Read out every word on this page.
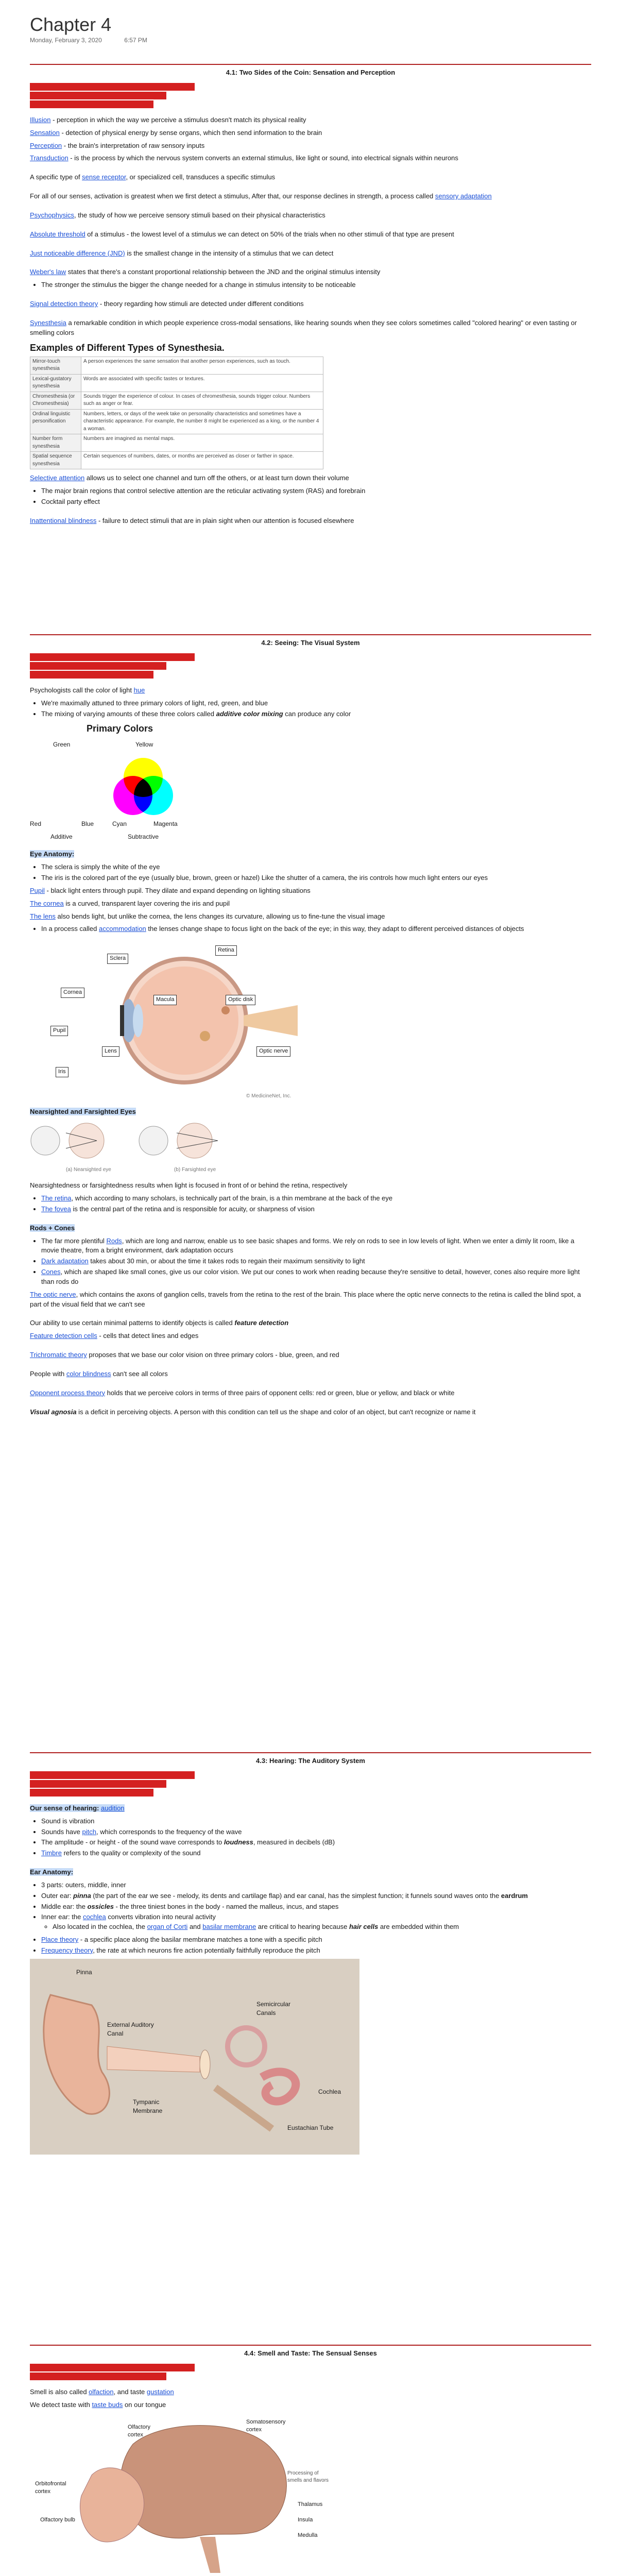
Chapter 4
Monday, February 3, 2020	6:57 PM
4.1: Two Sides of the Coin: Sensation and Perception

Illusion - perception in which the way we perceive a stimulus doesn't match its physical reality

Sensation - detection of physical energy by sense organs, which then send information to the brain

Perception - the brain's interpretation of raw sensory inputs

Transduction - is the process by which the nervous system converts an external stimulus, like light or sound, into electrical signals within neurons

A specific type of sense receptor, or specialized cell, transduces a specific stimulus

For all of our senses, activation is greatest when we first detect a stimulus, After that, our response declines in strength, a process called sensory adaptation

Psychophysics, the study of how we perceive sensory stimuli based on their physical characteristics

Absolute threshold of a stimulus - the lowest level of a stimulus we can detect on 50% of the trials when no other stimuli of that type are present

Just noticeable difference (JND) is the smallest change in the intensity of a stimulus that we can detect

Weber's law states that there's a constant proportional relationship between the JND and the original stimulus intensity

• The stronger the stimulus the bigger the change needed for a change in stimulus intensity to be noticeable

Signal detection theory - theory regarding how stimuli are detected under different conditions

Synesthesia a remarkable condition in which people experience cross-modal sensations, like hearing sounds when they see colors sometimes called "colored hearing" or even tasting or smelling colors

Examples of Different Types of Synesthesia.
Mirror-touch synesthesia	A person experiences the same sensation that another person experiences, such as touch.
Lexical-gustatory synesthesia	Words are associated with specific tastes or textures.
Chromesthesia (or Chromesthesia)	Sounds trigger the experience of colour. In cases of chromesthesia, sounds trigger colour. Numbers such as anger or fear.
Ordinal linguistic personification	Numbers, letters, or days of the week take on personality characteristics and sometimes have a characteristic appearance. For example, the number 8 might be experienced as a king, or the number 4 a woman.
Number form synesthesia	Numbers are imagined as mental maps.
Spatial sequence synesthesia	Certain sequences of numbers, dates, or months are perceived as closer or farther in space.

Selective attention allows us to select one channel and turn off the others, or at least turn down their volume

• The major brain regions that control selective attention are the reticular activating system (RAS) and forebrain
• Cocktail party effect

Inattentional blindness - failure to detect stimuli that are in plain sight when our attention is focused elsewhere

4.2: Seeing: The Visual System

Psychologists call the color of light hue

• We're maximally attuned to three primary colors of light, red, green, and blue
• The mixing of varying amounts of these three colors called additive color mixing can produce any color
Primary Colors
Green	Yellow
Red	Blue	Cyan	Magenta
Additive	Subtractive

Eye Anatomy:

• The sclera is simply the white of the eye
• The iris is the colored part of the eye (usually blue, brown, green or hazel) Like the shutter of a camera, the iris controls how much light enters our eyes

Pupil - black light enters through pupil. They dilate and expand depending on lighting situations

The cornea is a curved, transparent layer covering the iris and pupil

The lens also bends light, but unlike the cornea, the lens changes its curvature, allowing us to fine-tune the visual image

• In a process called accommodation the lenses change shape to focus light on the back of the eye; in this way, they adapt to different perceived distances of objects
Sclera
Retina
Cornea
Macula	Optic disk
Pupil
Lens	Optic nerve
Iris
© MedicineNet, Inc.

Nearsighted and Farsighted Eyes

(a) Nearsighted eye	(b) Farsighted eye

Nearsightedness or farsightedness results when light is focused in front of or behind the retina, respectively

• The retina, which according to many scholars, is technically part of the brain, is a thin membrane at the back of the eye
• The fovea is the central part of the retina and is responsible for acuity, or sharpness of vision

Rods + Cones

• The far more plentiful Rods, which are long and narrow, enable us to see basic shapes and forms. We rely on rods to see in low levels of light. When we enter a dimly lit room, like a movie theatre, from a bright environment, dark adaptation occurs
• Dark adaptation takes about 30 min, or about the time it takes rods to regain their maximum sensitivity to light
• Cones, which are shaped like small cones, give us our color vision. We put our cones to work when reading because they're sensitive to detail, however, cones also require more light than rods do

The optic nerve, which contains the axons of ganglion cells, travels from the retina to the rest of the brain. This place where the optic nerve connects to the retina is called the blind spot, a part of the visual field that we can't see

Our ability to use certain minimal patterns to identify objects is called feature detection

Feature detection cells - cells that detect lines and edges

Trichromatic theory proposes that we base our color vision on three primary colors - blue, green, and red

People with color blindness can't see all colors

Opponent process theory holds that we perceive colors in terms of three pairs of opponent cells: red or green, blue or yellow, and black or white

Visual agnosia is a deficit in perceiving objects. A person with this condition can tell us the shape and color of an object, but can't recognize or name it

4.3: Hearing: The Auditory System

Our sense of hearing: audition

• Sound is vibration
• Sounds have pitch, which corresponds to the frequency of the wave
• The amplitude - or height - of the sound wave corresponds to loudness, measured in decibels (dB)
• Timbre refers to the quality or complexity of the sound

Ear Anatomy:

• 3 parts: outers, middle, inner
• Outer ear: pinna (the part of the ear we see - melody, its dents and cartilage flap) and ear canal, has the simplest function; it funnels sound waves onto the eardrum
• Middle ear: the ossicles - the three tiniest bones in the body - named the malleus, incus, and stapes
• Inner ear: the cochlea converts vibration into neural activity
◦ Also located in the cochlea, the organ of Corti and basilar membrane are critical to hearing because hair cells are embedded within them
• Place theory - a specific place along the basilar membrane matches a tone with a specific pitch
• Frequency theory, the rate at which neurons fire action potentially faithfully reproduce the pitch
Pinna
Semicircular Canals
External Auditory Canal
Cochlea
Tympanic Membrane
Eustachian Tube
4.4: Smell and Taste: The Sensual Senses

Smell is also called olfaction, and taste gustation

We detect taste with taste buds on our tongue

Olfactory cortex
Somatosensory cortex
Orbitofrontal cortex
Processing of smells and flavors
Olfactory bulb
Thalamus
Insula
Medulla
